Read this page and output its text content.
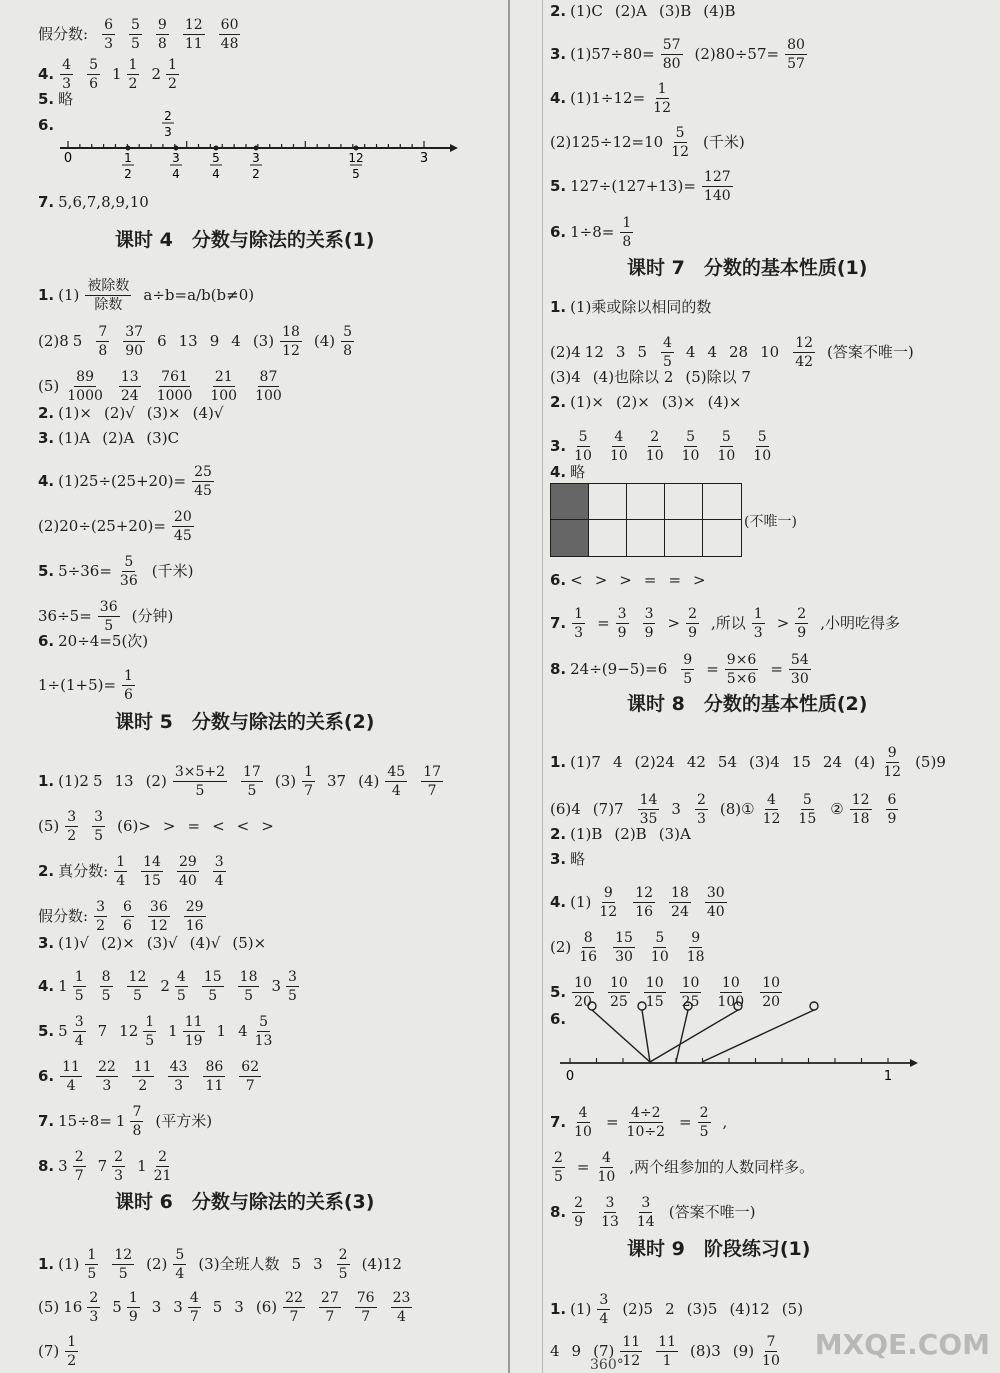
假分数: $\frac{6}{3} \frac{5}{5} \frac{9}{8} \frac{12}{11} \frac{60}{48}$
4. $\frac{4}{3} \frac{5}{6} 1 \frac{1}{2} 2 \frac{1}{2}$
5. 略
6.
7. 5,6,7,8,9,10
1. (1) 被除数
除数
a÷b=a/b(b≠0)
(2)8 $5 \frac{7}{8} \frac{37}{90} 6$ 13 9 4 $(3) \frac{18}{12} (4) \frac{5}{8}$
$(5) \frac{89}{1000} \frac{13}{24} \frac{761}{1000} \frac{21}{100} \frac{87}{100}$
2. (1)× (2)√ (3)× (4)√
3. (1)A (2)A (3)C
4. $(1)25\div(25+20)= \frac{25}{45}$
$(2)20\div(25+20)= \frac{20}{45}$
5. $5\div 36= \frac{5}{36}$ (千米)
$36\div 5= \frac{36}{5}$ (分钟)
6. 20÷4=5(次)
$1\div(1+5)= \frac{1}{6}$
1. (1)2 5 13 $(2) \frac{3\times 5+2}{5} \frac{17}{5} (3) \frac{1}{7} 37$ $(4) \frac{45}{4} \frac{17}{7}$
$(5) \frac{3}{2} \frac{3}{5} (6)>$ > = < < >
2. 真分数: $\frac{1}{4} \frac{14}{15} \frac{29}{40} \frac{3}{4}$
假分数: $\frac{3}{2} \frac{6}{6} \frac{36}{12} \frac{29}{16}$
3. (1)√ (2)× (3)√ (4)√ (5)×
4. $1 \frac{1}{5} \frac{8}{5} \frac{12}{5} 2 \frac{4}{5} \frac{15}{5} \frac{18}{5} 3 \frac{3}{5}$
5. $5 \frac{3}{4} 7$ $12 \frac{1}{5} 1 \frac{11}{19} 1$ $4 \frac{5}{13}$
6. $\frac{11}{4} \frac{22}{3} \frac{11}{2} \frac{43}{3} \frac{86}{11} \frac{62}{7}$
7. $15\div 8= 1 \frac{7}{8}$ (平方米)
8. $3 \frac{2}{7} 7 \frac{2}{3} 1 \frac{2}{21}$
1. $(1) \frac{1}{5} \frac{12}{5} (2) \frac{5}{4} (3)$全班人数 5 $3 \frac{2}{5} (4)12$
(5) $16 \frac{2}{3} 5 \frac{1}{9} 3$ $3 \frac{4}{7} 5$ 3 $(6) \frac{22}{7} \frac{27}{7} \frac{76}{7} \frac{23}{4}$
$(7) \frac{1}{2}$
课时 4　分数与除法的关系(1)
课时 5　分数与除法的关系(2)
课时 6　分数与除法的关系(3)
2. (1)C (2)A (3)B (4)B
3. $(1)57\div 80= \frac{57}{80} (2)80\div 57= \frac{80}{57}$
4. $(1)1\div 12= \frac{1}{12}$
$(2)125\div 12=10 \frac{5}{12}$ (千米)
5. $127\div(127+13)= \frac{127}{140}$
6. $1\div 8= \frac{1}{8}$
1. (1)乘或除以相同的数
(2)4 12 3 $5 \frac{4}{5} 4$ 4 28 $10 \frac{12}{42}$ (答案不唯一)
(3)4 (4)也除以 2 (5)除以 7
2. (1)× (2)× (3)× (4)×
3. $\frac{5}{10} \frac{4}{10} \frac{2}{10} \frac{5}{10} \frac{5}{10} \frac{5}{10}$
4. 略
6. < > > = = >
7. $\frac{1}{3} = \frac{3}{9} \frac{3}{9} > \frac{2}{9}$ ,所以 $\frac{1}{3} > \frac{2}{9}$ ,小明吃得多
8. $24\div(9-5)=6 \frac{9}{5} = \frac{9\times 6}{5\times 6} = \frac{54}{30}$
1. (1)7 4 (2)24 42 54 (3)4 15 24 $(4) \frac{9}{12} (5)9$
(6)4 $(7)7 \frac{14}{35} 3 \frac{2}{3}$ (8)① $\frac{4}{12} \frac{5}{15}$ ② $\frac{12}{18} \frac{6}{9}$
2. (1)B (2)B (3)A
3. 略
4. $(1) \frac{9}{12} \frac{12}{16} \frac{18}{24} \frac{30}{40}$
$(2) \frac{8}{16} \frac{15}{30} \frac{5}{10} \frac{9}{18}$
5. $\frac{10}{20} \frac{10}{25} \frac{10}{15} \frac{10}{25} \frac{10}{100} \frac{10}{20}$
6.
7. $\frac{4}{10} = \frac{4\div 2}{10\div 2} = \frac{2}{5}$ ,
$\frac{2}{5} = \frac{4}{10}$ ,两个组参加的人数同样多。
8. $\frac{2}{9} \frac{3}{13} \frac{3}{14}$ (答案不唯一)
1. $(1) \frac{3}{4} (2)5$ 2 (3)5 (4)12 (5)
4 9 $(7) \frac{11}{12} \frac{11}{1} (8)3$ $(9) \frac{7}{10}$
课时 7　分数的基本性质(1)
课时 8　分数的基本性质(2)
课时 9　阶段练习(1)
1
2
3
4
5
4
3
2
12
5
2
3
0	3
(不唯一)
0	1
MXQE.COM
360°
